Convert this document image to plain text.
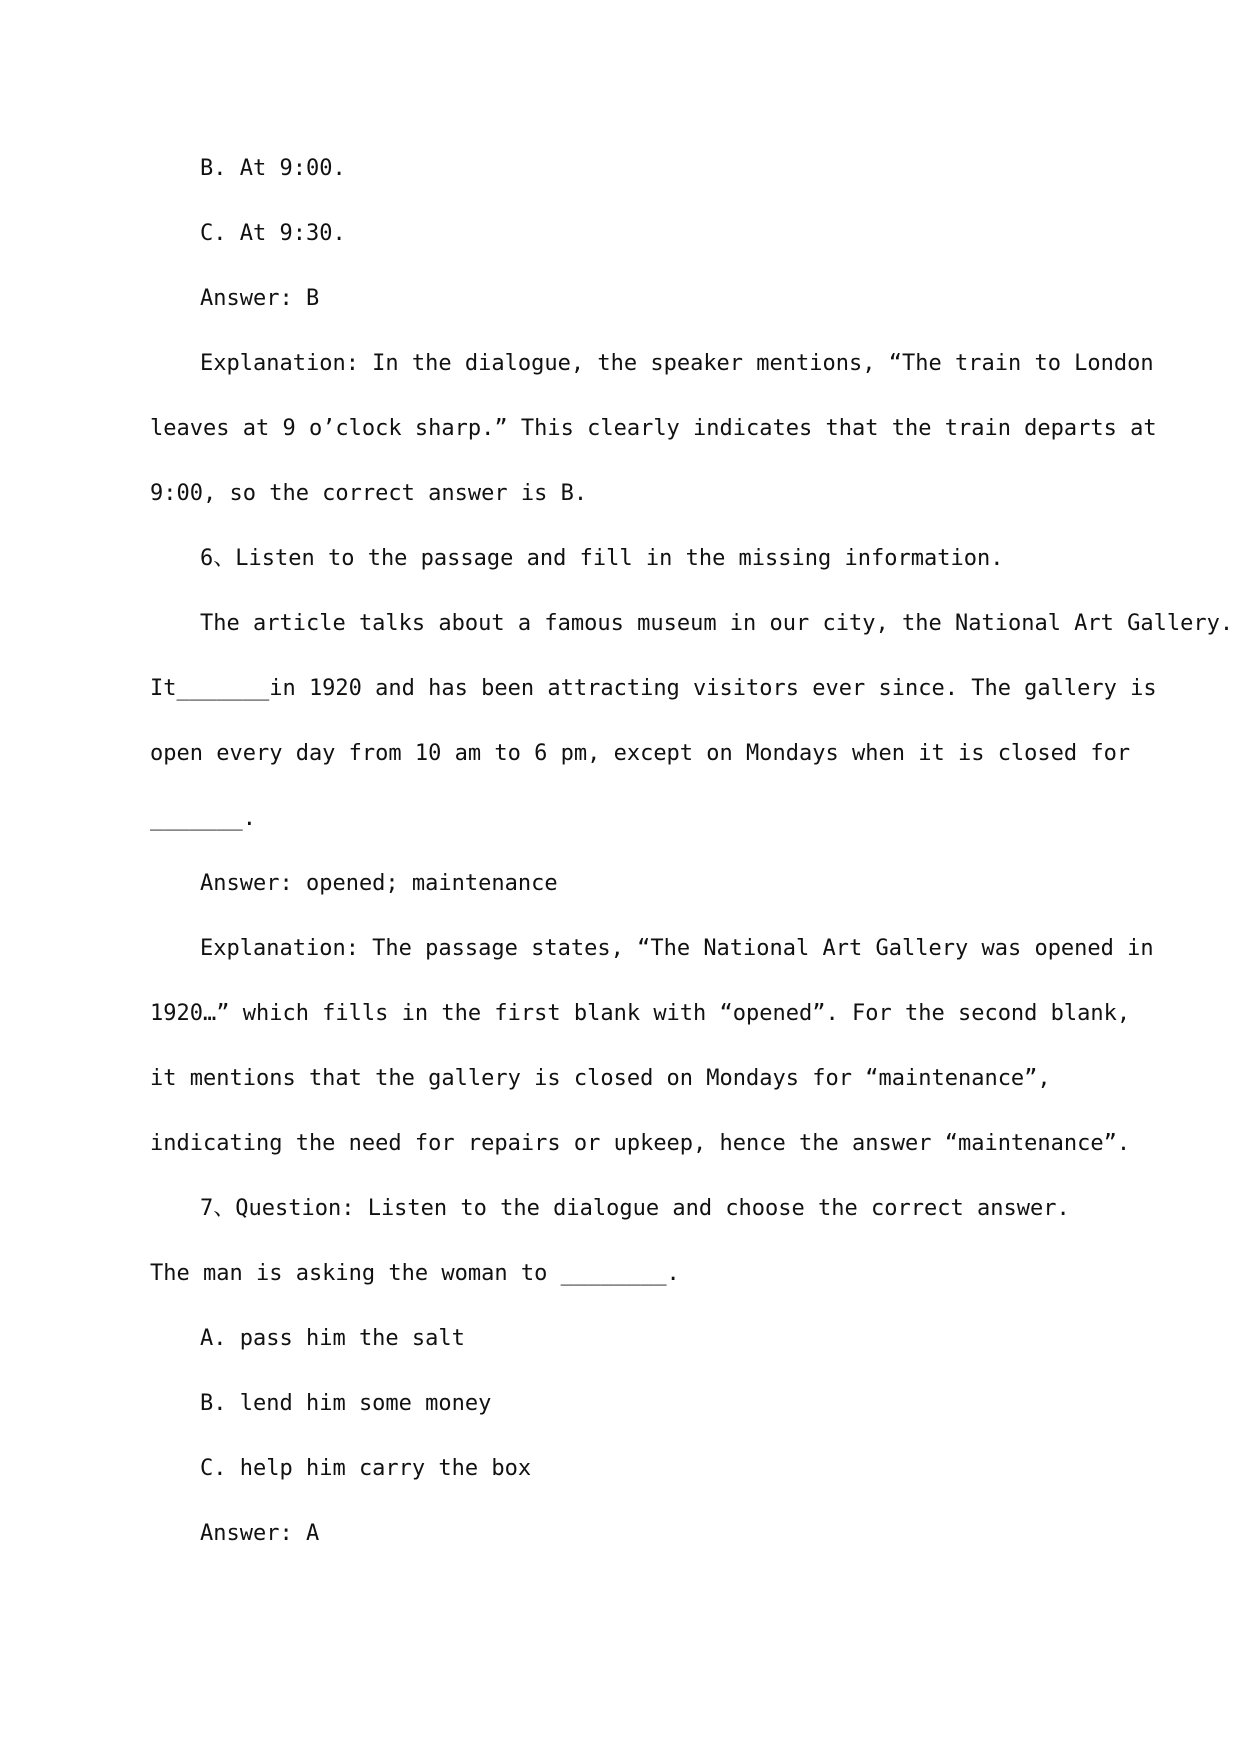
B. At 9:00.

C. At 9:30.

Answer: B

Explanation: In the dialogue, the speaker mentions, “The train to London

leaves at 9 o’clock sharp.” This clearly indicates that the train departs at

9:00, so the correct answer is B.

6、Listen to the passage and fill in the missing information.

The article talks about a famous museum in our city, the National Art Gallery.

It_______in 1920 and has been attracting visitors ever since. The gallery is

open every day from 10 am to 6 pm, except on Mondays when it is closed for

_______.

Answer: opened; maintenance

Explanation: The passage states, “The National Art Gallery was opened in

1920…” which fills in the first blank with “opened”. For the second blank,

it mentions that the gallery is closed on Mondays for “maintenance”,

indicating the need for repairs or upkeep, hence the answer “maintenance”.

7、Question: Listen to the dialogue and choose the correct answer.

The man is asking the woman to ________.

A. pass him the salt

B. lend him some money

C. help him carry the box

Answer: A
